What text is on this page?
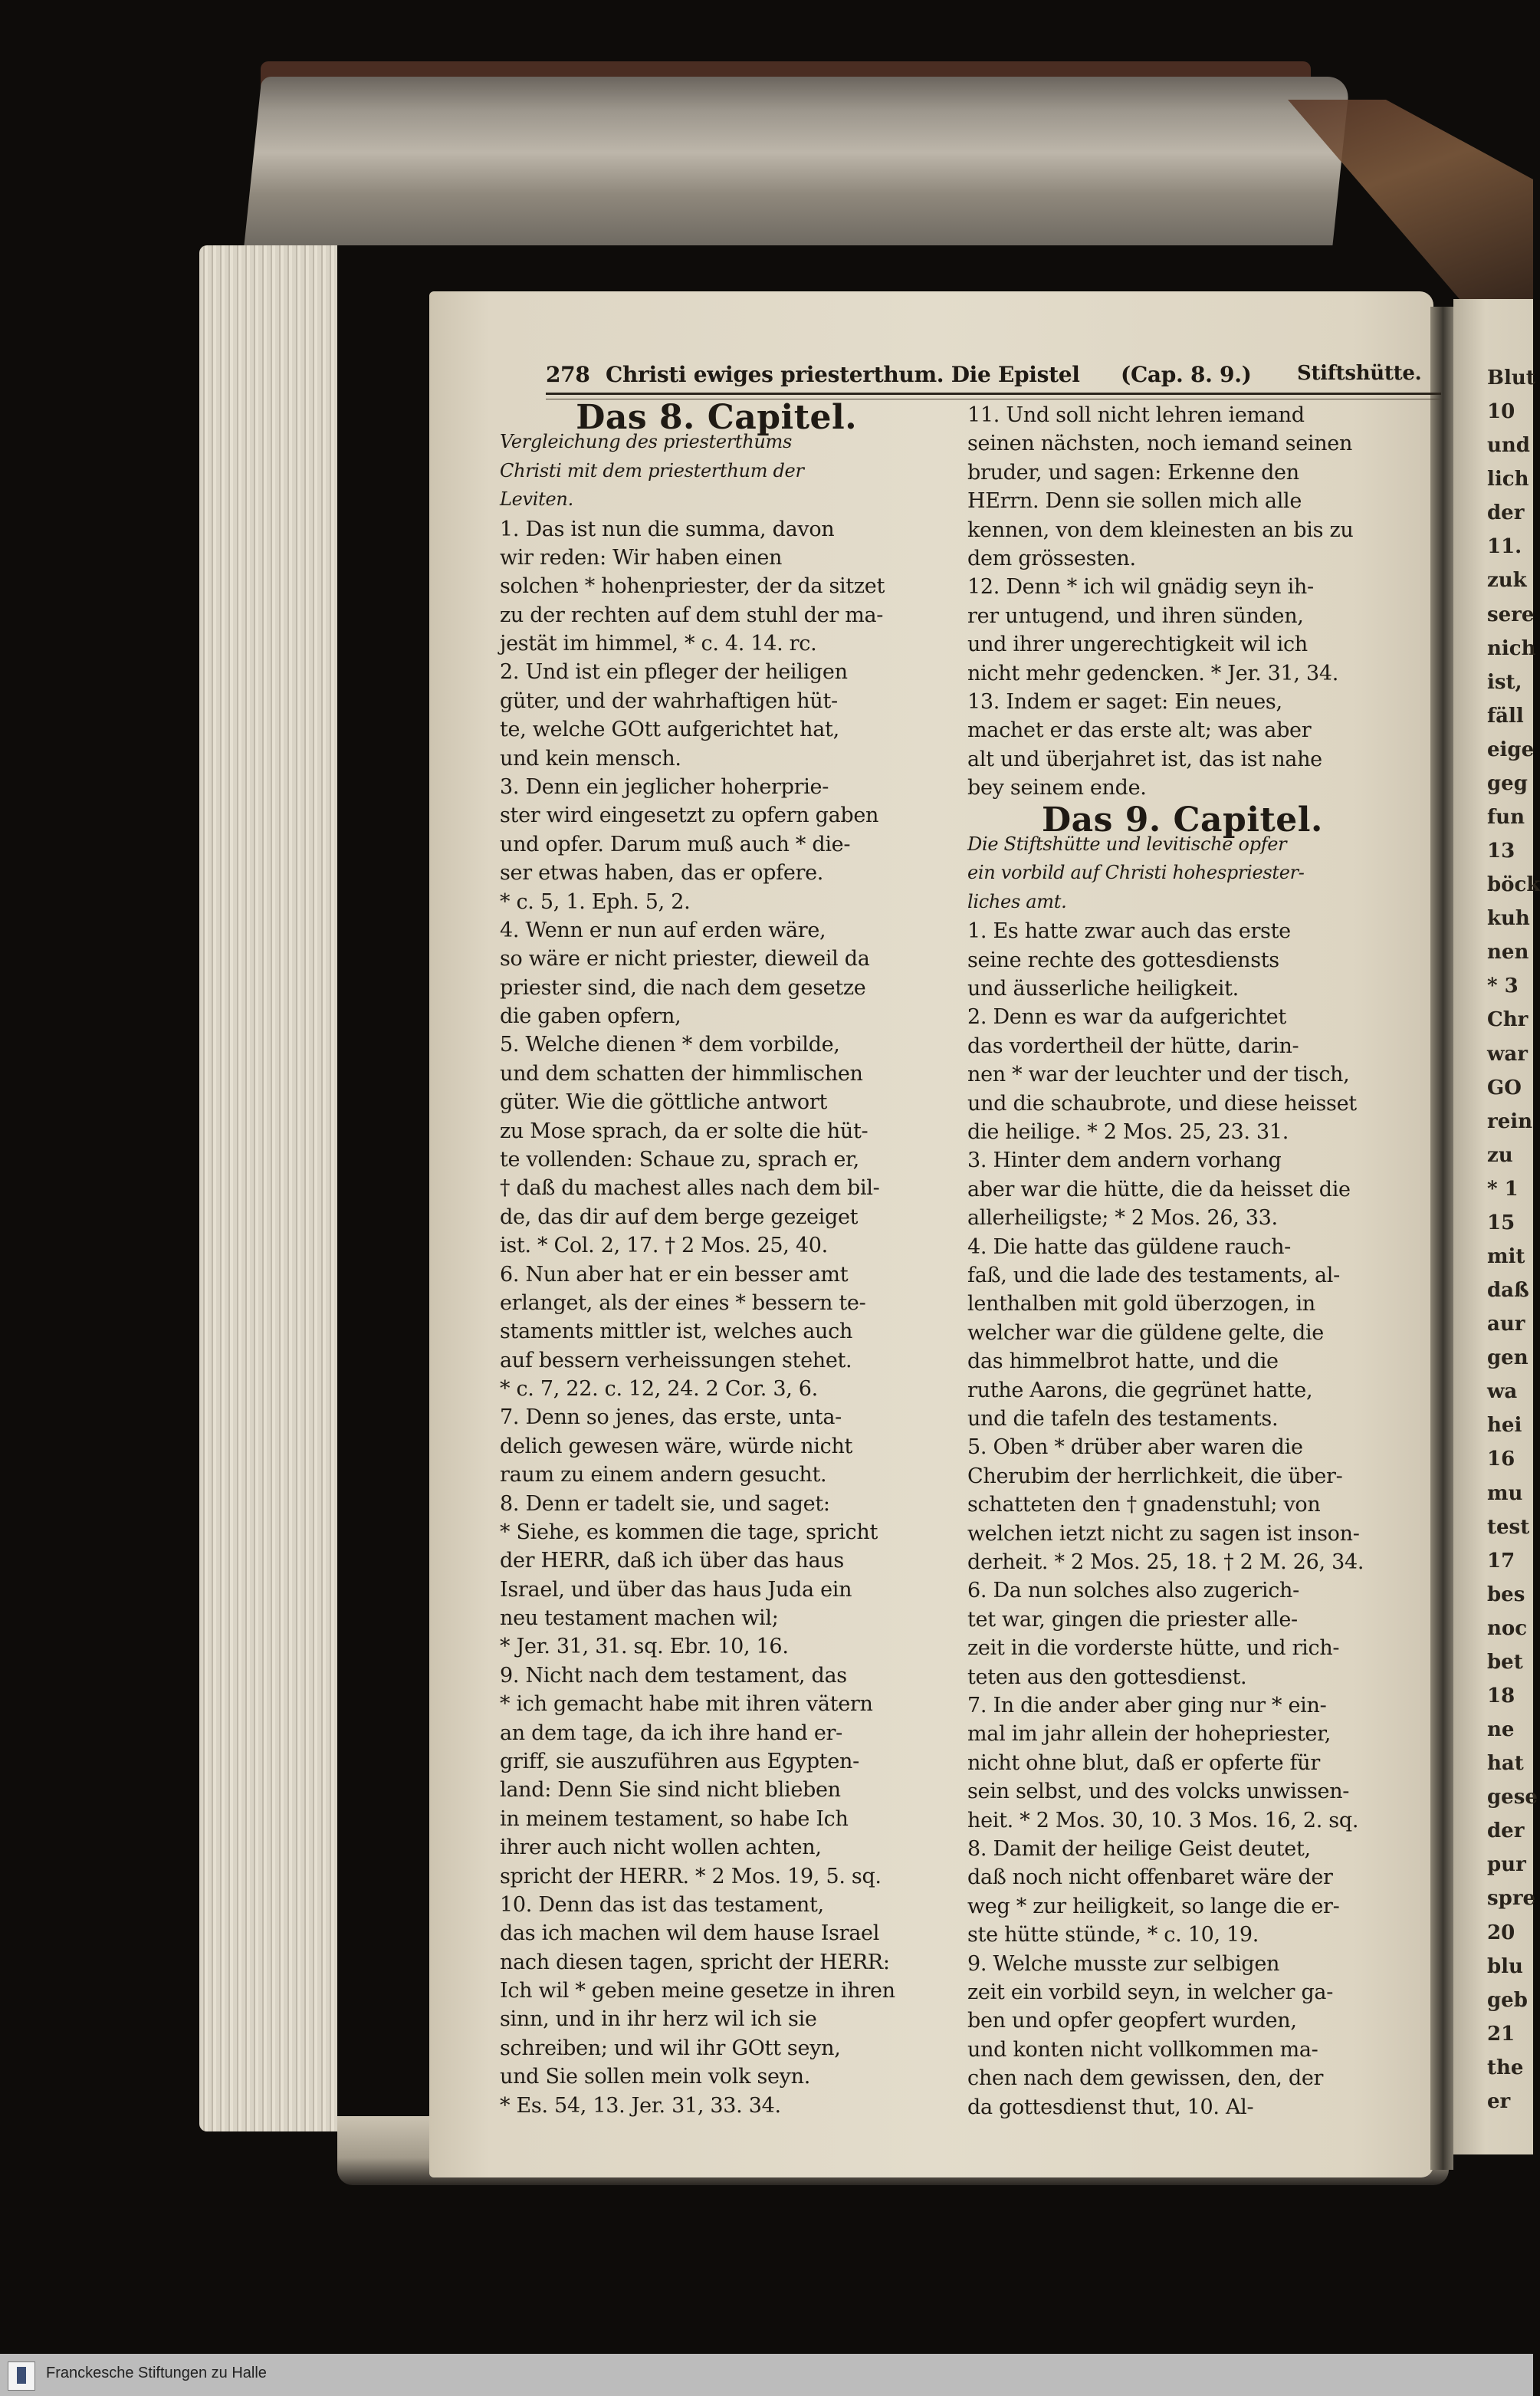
278 Christi ewiges priesterthum. Die Epistel (Cap. 8. 9.) Stiftshütte.
Das 8. Capitel.
Vergleichung des priesterthums
Christi mit dem priesterthum der
Leviten.
1. Das ist nun die summa, davon
wir reden: Wir haben einen
solchen * hohenpriester, der da sitzet
zu der rechten auf dem stuhl der ma-
jestät im himmel, * c. 4. 14. rc.
2. Und ist ein pfleger der heiligen
güter, und der wahrhaftigen hüt-
te, welche GOtt aufgerichtet hat,
und kein mensch.
3. Denn ein jeglicher hoherprie-
ster wird eingesetzt zu opfern gaben
und opfer. Darum muß auch * die-
ser etwas haben, das er opfere.
* c. 5, 1. Eph. 5, 2.
4. Wenn er nun auf erden wäre,
so wäre er nicht priester, dieweil da
priester sind, die nach dem gesetze
die gaben opfern,
5. Welche dienen * dem vorbilde,
und dem schatten der himmlischen
güter. Wie die göttliche antwort
zu Mose sprach, da er solte die hüt-
te vollenden: Schaue zu, sprach er,
† daß du machest alles nach dem bil-
de, das dir auf dem berge gezeiget
ist. * Col. 2, 17. † 2 Mos. 25, 40.
6. Nun aber hat er ein besser amt
erlanget, als der eines * bessern te-
staments mittler ist, welches auch
auf bessern verheissungen stehet.
* c. 7, 22. c. 12, 24. 2 Cor. 3, 6.
7. Denn so jenes, das erste, unta-
delich gewesen wäre, würde nicht
raum zu einem andern gesucht.
8. Denn er tadelt sie, und saget:
* Siehe, es kommen die tage, spricht
der HERR, daß ich über das haus
Israel, und über das haus Juda ein
neu testament machen wil;
* Jer. 31, 31. sq. Ebr. 10, 16.
9. Nicht nach dem testament, das
* ich gemacht habe mit ihren vätern
an dem tage, da ich ihre hand er-
griff, sie auszuführen aus Egypten-
land: Denn Sie sind nicht blieben
in meinem testament, so habe Ich
ihrer auch nicht wollen achten,
spricht der HERR. * 2 Mos. 19, 5. sq.
10. Denn das ist das testament,
das ich machen wil dem hause Israel
nach diesen tagen, spricht der HERR:
Ich wil * geben meine gesetze in ihren
sinn, und in ihr herz wil ich sie
schreiben; und wil ihr GOtt seyn,
und Sie sollen mein volk seyn.
* Es. 54, 13. Jer. 31, 33. 34.
11. Und soll nicht lehren iemand
seinen nächsten, noch iemand seinen
bruder, und sagen: Erkenne den
HErrn. Denn sie sollen mich alle
kennen, von dem kleinesten an bis zu
dem grössesten.
12. Denn * ich wil gnädig seyn ih-
rer untugend, und ihren sünden,
und ihrer ungerechtigkeit wil ich
nicht mehr gedencken. * Jer. 31, 34.
13. Indem er saget: Ein neues,
machet er das erste alt; was aber
alt und überjahret ist, das ist nahe
bey seinem ende.
Das 9. Capitel.
Die Stiftshütte und levitische opfer
ein vorbild auf Christi hohespriester-
liches amt.
1. Es hatte zwar auch das erste
seine rechte des gottesdiensts
und äusserliche heiligkeit.
2. Denn es war da aufgerichtet
das vordertheil der hütte, darin-
nen * war der leuchter und der tisch,
und die schaubrote, und diese heisset
die heilige. * 2 Mos. 25, 23. 31.
3. Hinter dem andern vorhang
aber war die hütte, die da heisset die
allerheiligste; * 2 Mos. 26, 33.
4. Die hatte das güldene rauch-
faß, und die lade des testaments, al-
lenthalben mit gold überzogen, in
welcher war die güldene gelte, die
das himmelbrot hatte, und die
ruthe Aarons, die gegrünet hatte,
und die tafeln des testaments.
5. Oben * drüber aber waren die
Cherubim der herrlichkeit, die über-
schatteten den † gnadenstuhl; von
welchen ietzt nicht zu sagen ist inson-
derheit. * 2 Mos. 25, 18. † 2 M. 26, 34.
6. Da nun solches also zugerich-
tet war, gingen die priester alle-
zeit in die vorderste hütte, und rich-
teten aus den gottesdienst.
7. In die ander aber ging nur * ein-
mal im jahr allein der hohepriester,
nicht ohne blut, daß er opferte für
sein selbst, und des volcks unwissen-
heit. * 2 Mos. 30, 10. 3 Mos. 16, 2. sq.
8. Damit der heilige Geist deutet,
daß noch nicht offenbaret wäre der
weg * zur heiligkeit, so lange die er-
ste hütte stünde, * c. 10, 19.
9. Welche musste zur selbigen
zeit ein vorbild seyn, in welcher ga-
ben und opfer geopfert wurden,
und konten nicht vollkommen ma-
chen nach dem gewissen, den, der
da gottesdienst thut, 10. Al-
Blut
10
und
lich
der
11.
zuk
sere
nich
ist,
fäll
eige
geg
fun
13
böck
kuh
nen
* 3
Chr
war
GO
rein
zu
* 1
15
mit
daß
aur
gen
wa
hei
16
mu
test
17
bes
noc
bet
18
ne
hat
gese
der
pur
spre
20
blu
geb
21
the
er
Franckesche Stiftungen zu Halle
